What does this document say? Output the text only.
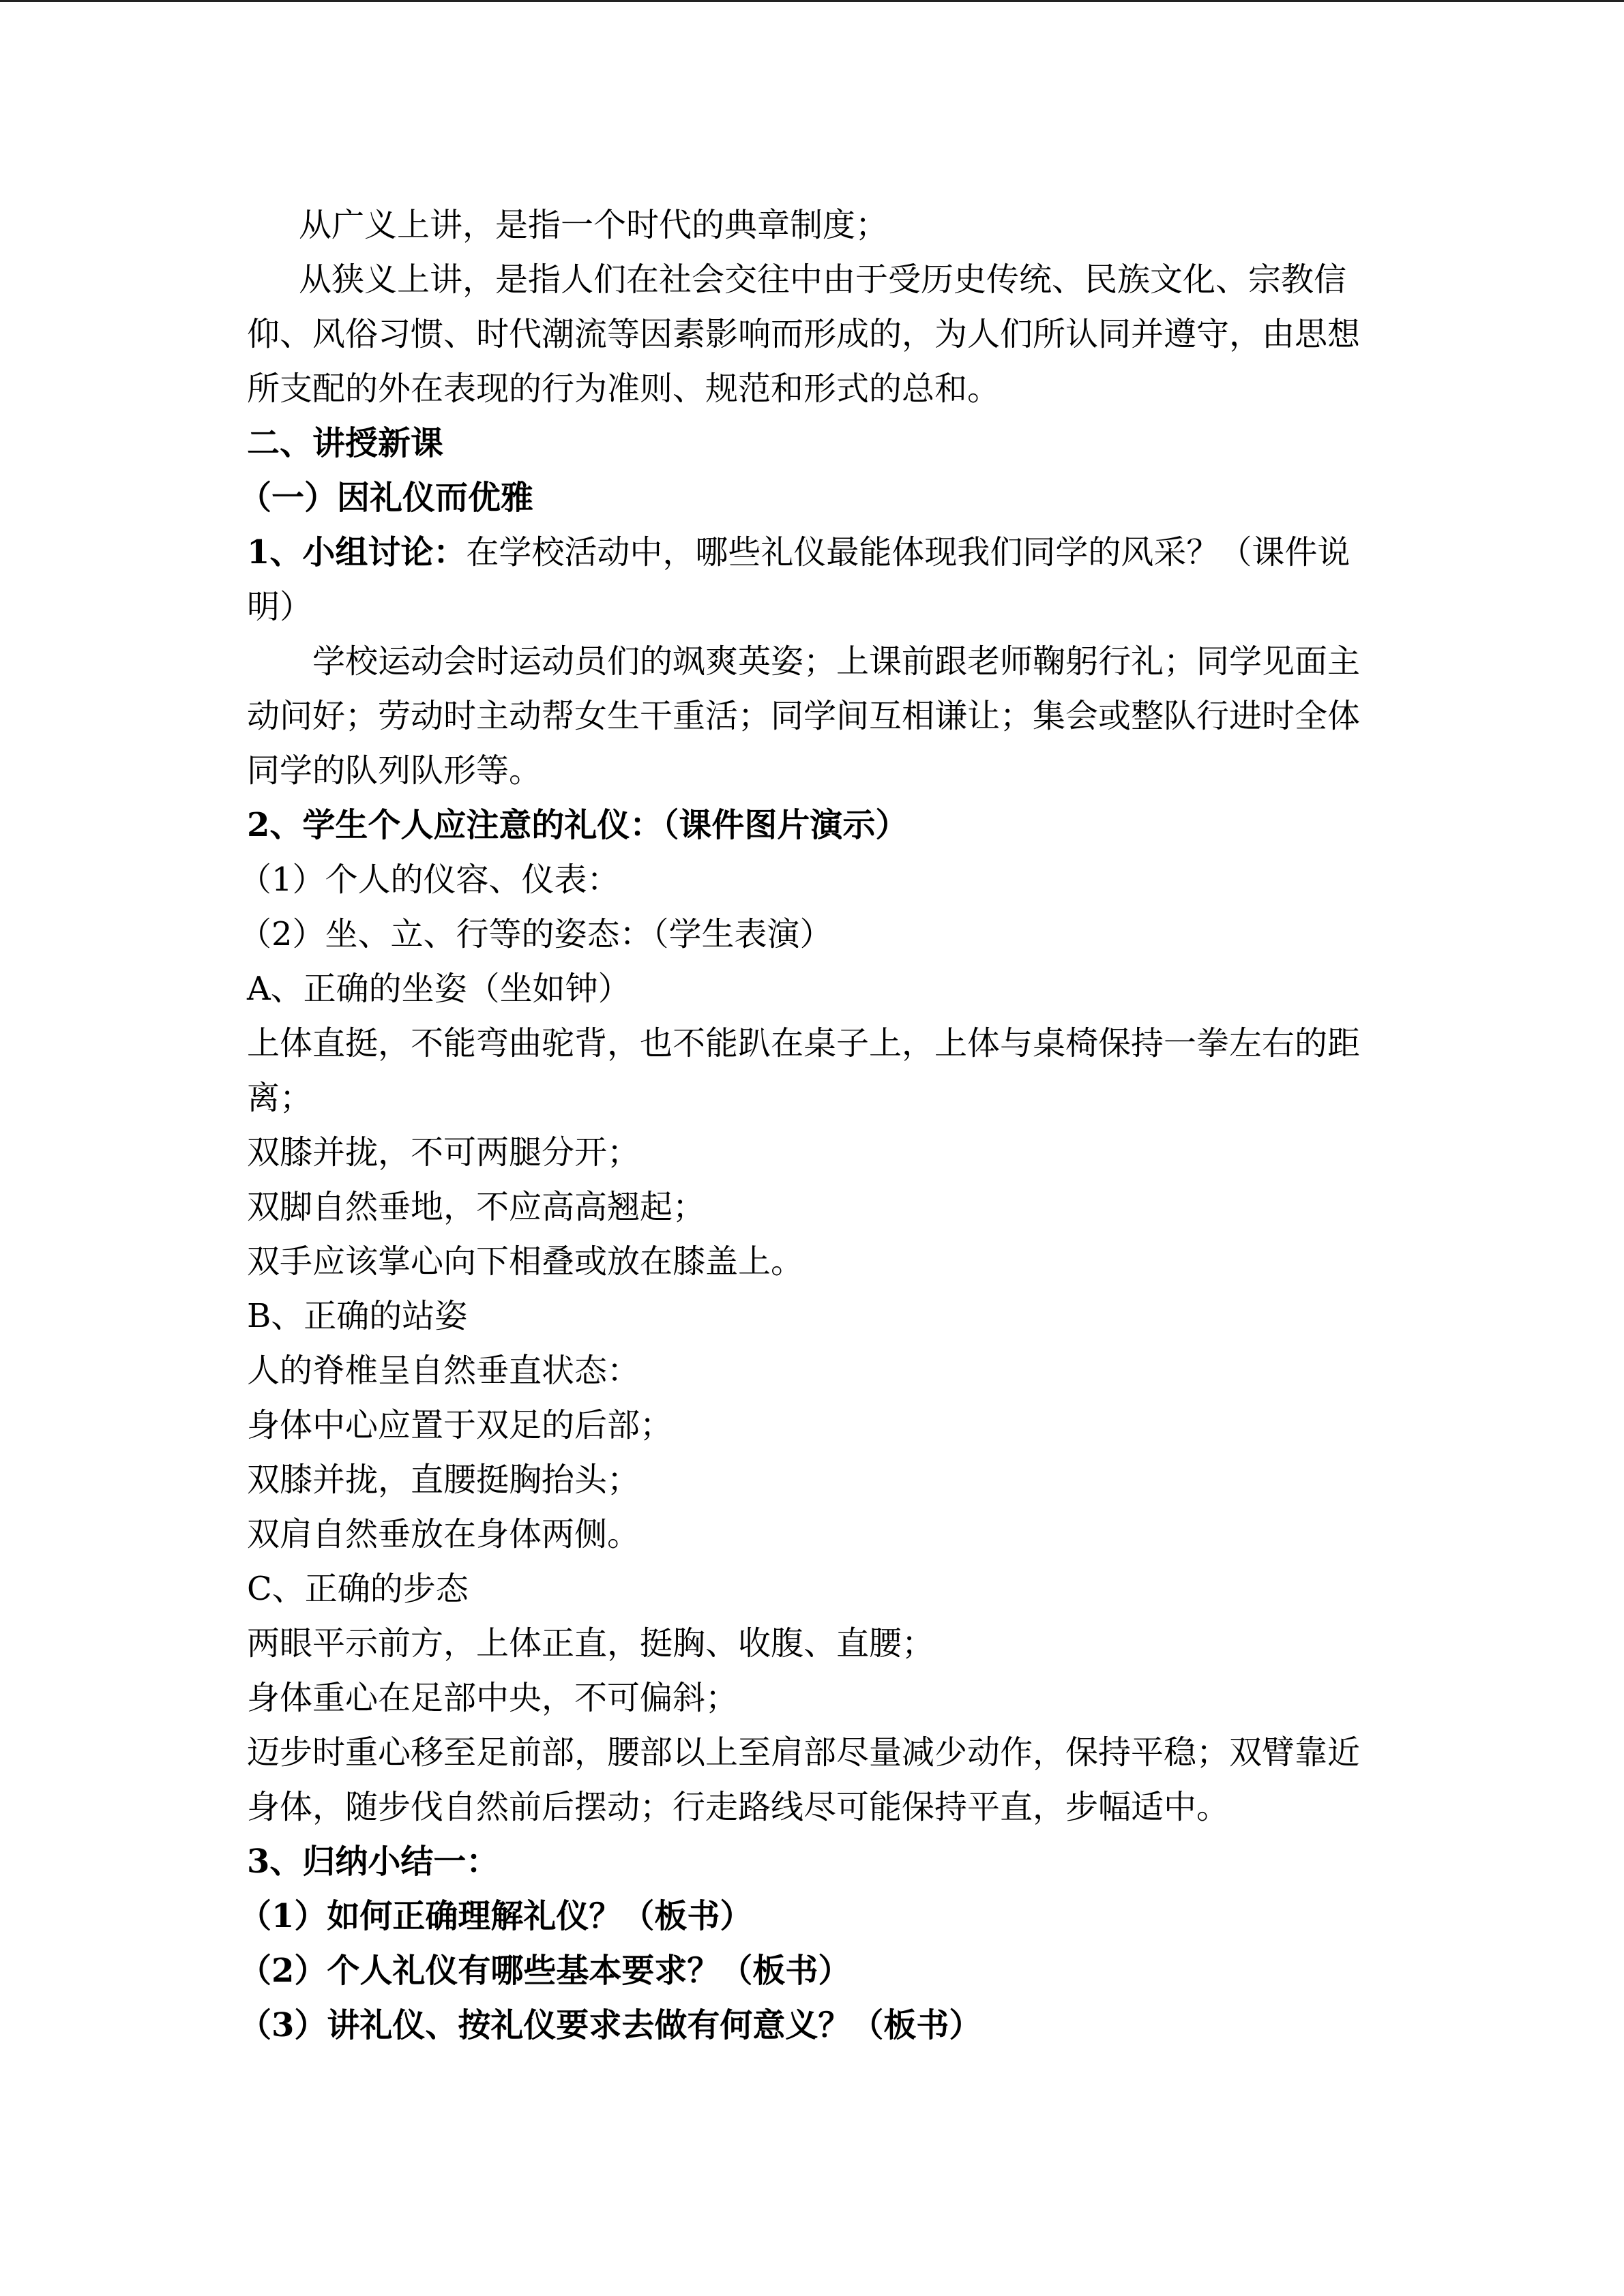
从广义上讲，是指一个时代的典章制度；

从狭义上讲，是指人们在社会交往中由于受历史传统、民族文化、宗教信仰、风俗习惯、时代潮流等因素影响而形成的，为人们所认同并遵守，由思想所支配的外在表现的行为准则、规范和形式的总和。

二、讲授新课

（一）因礼仪而优雅

1、小组讨论：在学校活动中，哪些礼仪最能体现我们同学的风采？（课件说明）

学校运动会时运动员们的飒爽英姿；上课前跟老师鞠躬行礼；同学见面主动问好；劳动时主动帮女生干重活；同学间互相谦让；集会或整队行进时全体同学的队列队形等。

2、学生个人应注意的礼仪：（课件图片演示）

（1）个人的仪容、仪表：

（2）坐、立、行等的姿态：（学生表演）

A、正确的坐姿（坐如钟）

上体直挺，不能弯曲驼背，也不能趴在桌子上，上体与桌椅保持一拳左右的距离；

双膝并拢，不可两腿分开；

双脚自然垂地，不应高高翘起；

双手应该掌心向下相叠或放在膝盖上。

B、正确的站姿

人的脊椎呈自然垂直状态：

身体中心应置于双足的后部；

双膝并拢，直腰挺胸抬头；

双肩自然垂放在身体两侧。

C、正确的步态

两眼平示前方，上体正直，挺胸、收腹、直腰；

身体重心在足部中央，不可偏斜；

迈步时重心移至足前部，腰部以上至肩部尽量减少动作，保持平稳；双臂靠近身体，随步伐自然前后摆动；行走路线尽可能保持平直，步幅适中。

3、归纳小结一：

（1）如何正确理解礼仪？（板书）

（2）个人礼仪有哪些基本要求？（板书）

（3）讲礼仪、按礼仪要求去做有何意义？（板书）
